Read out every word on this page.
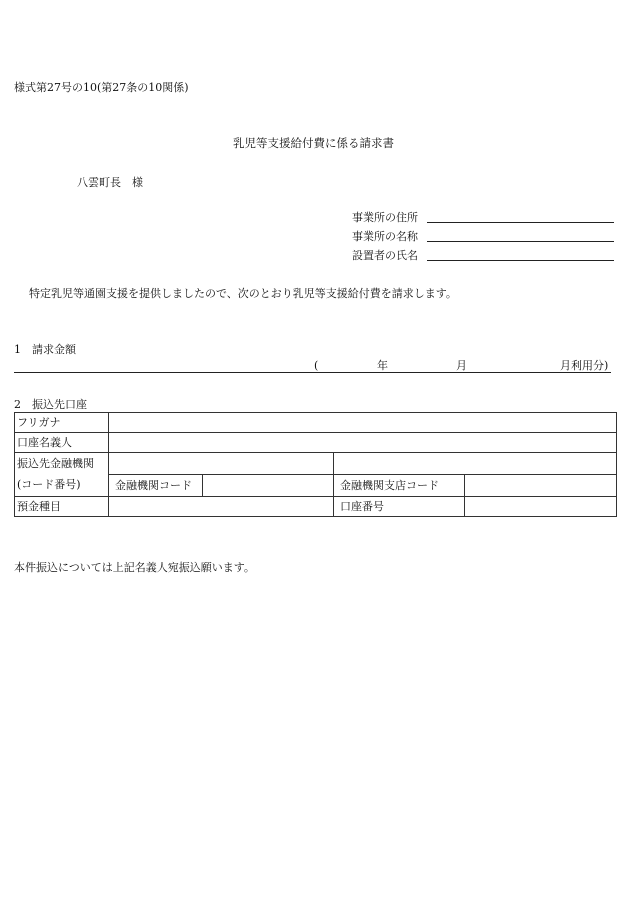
様式第27号の10(第27条の10関係)
乳児等支援給付費に係る請求書
八雲町長　様
事業所の住所
事業所の名称
設置者の氏名
特定乳児等通園支援を提供しましたので、次のとおり乳児等支援給付費を請求します。
1　請求金額
(	年	月	月利用分)
2　振込先口座
フリガナ				
口座名義人				

振込先金融機関
(コード番号)				

	金融機関コード		金融機関支店コード	
預金種目			口座番号	
本件振込については上記名義人宛振込願います。
